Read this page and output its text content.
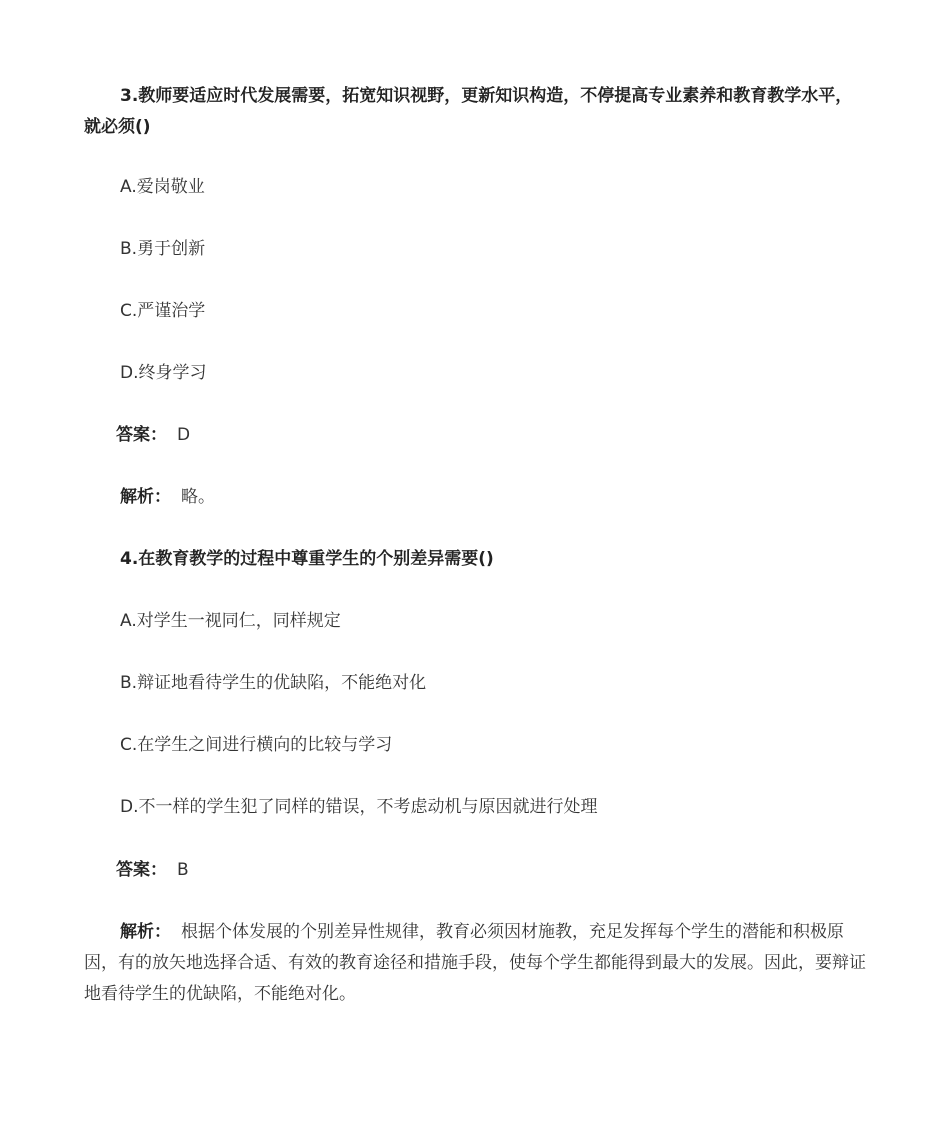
3.教师要适应时代发展需要，拓宽知识视野，更新知识构造，不停提高专业素养和教育教学水平，就必须()
A.爱岗敬业
B.勇于创新
C.严谨治学
D.终身学习
答案： D
解析： 略。
4.在教育教学的过程中尊重学生的个别差异需要()
A.对学生一视同仁，同样规定
B.辩证地看待学生的优缺陷，不能绝对化
C.在学生之间进行横向的比较与学习
D.不一样的学生犯了同样的错误，不考虑动机与原因就进行处理
答案： B
解析： 根据个体发展的个别差异性规律，教育必须因材施教，充足发挥每个学生的潜能和积极原因，有的放矢地选择合适、有效的教育途径和措施手段，使每个学生都能得到最大的发展。因此，要辩证地看待学生的优缺陷，不能绝对化。
